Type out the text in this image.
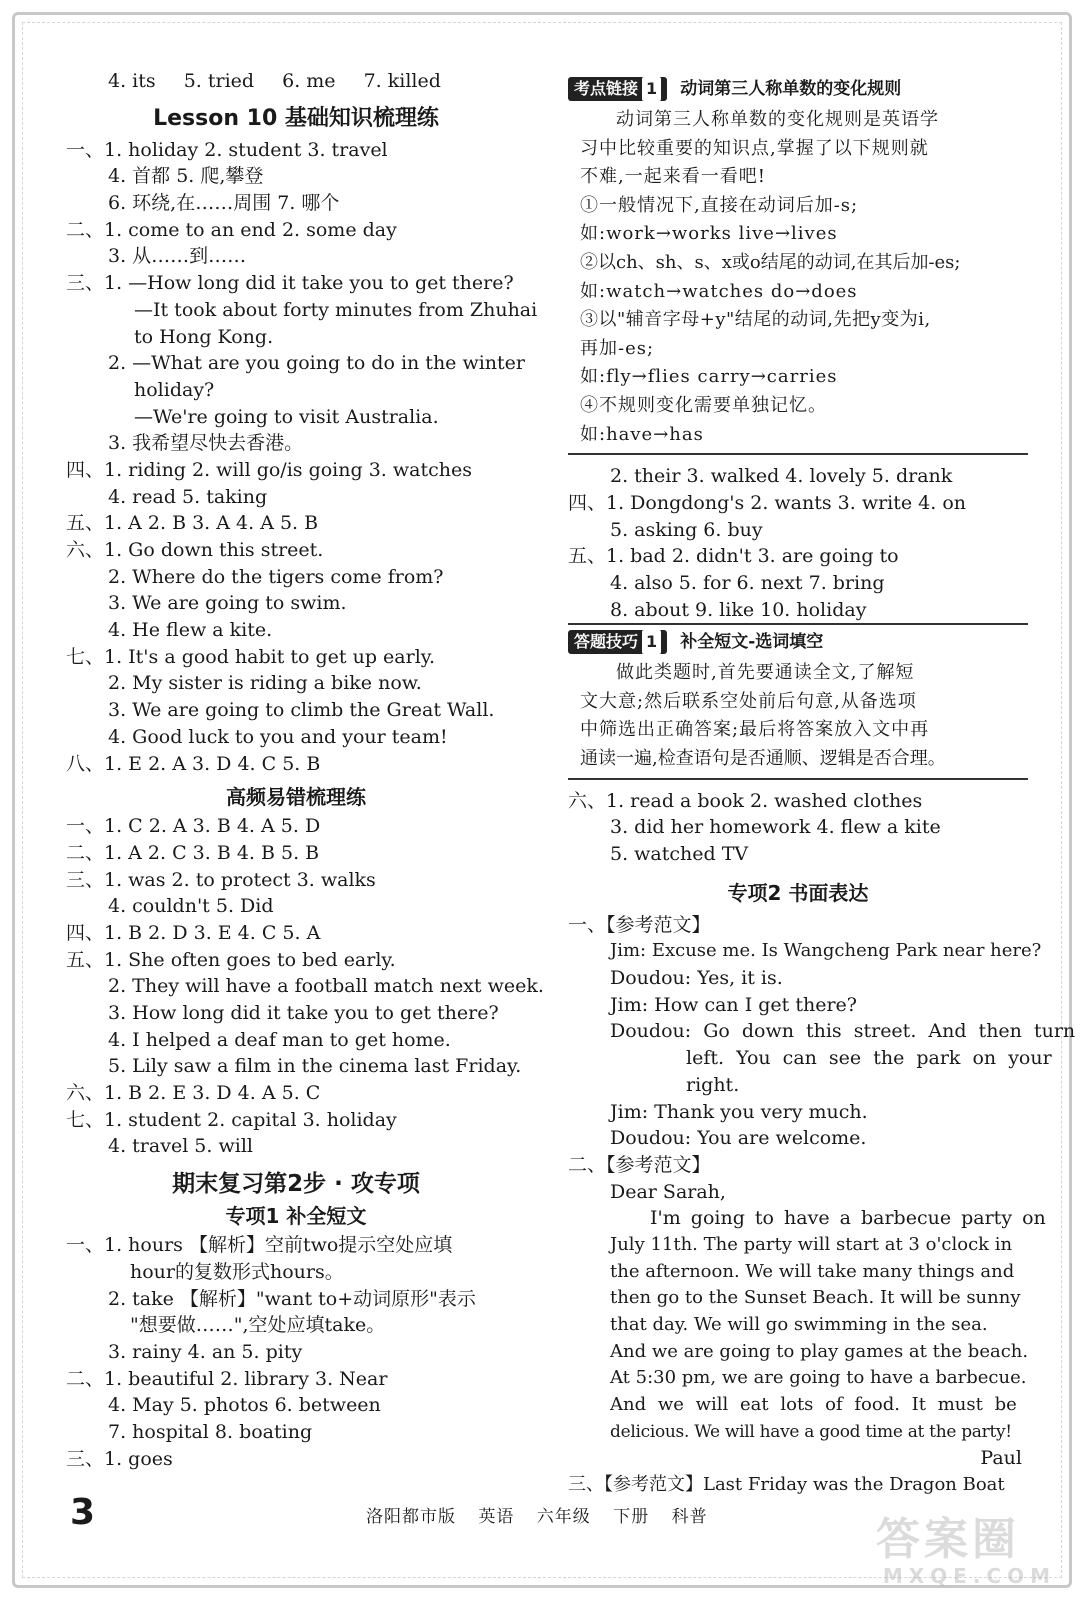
4. its 5. tried 6. me 7. killed
Lesson 10 基础知识梳理练
一、1. holiday 2. student 3. travel
4. 首都 5. 爬,攀登
6. 环绕,在……周围 7. 哪个
二、1. come to an end 2. some day
3. 从……到……
三、1. —How long did it take you to get there?
—It took about forty minutes from Zhuhai
to Hong Kong.
2. —What are you going to do in the winter
holiday?
—We're going to visit Australia.
3. 我希望尽快去香港。
四、1. riding 2. will go/is going 3. watches
4. read 5. taking
五、1. A 2. B 3. A 4. A 5. B
六、1. Go down this street.
2. Where do the tigers come from?
3. We are going to swim.
4. He flew a kite.
七、1. It's a good habit to get up early.
2. My sister is riding a bike now.
3. We are going to climb the Great Wall.
4. Good luck to you and your team!
八、1. E 2. A 3. D 4. C 5. B
高频易错梳理练
一、1. C 2. A 3. B 4. A 5. D
二、1. A 2. C 3. B 4. B 5. B
三、1. was 2. to protect 3. walks
4. couldn't 5. Did
四、1. B 2. D 3. E 4. C 5. A
五、1. She often goes to bed early.
2. They will have a football match next week.
3. How long did it take you to get there?
4. I helped a deaf man to get home.
5. Lily saw a film in the cinema last Friday.
六、1. B 2. E 3. D 4. A 5. C
七、1. student 2. capital 3. holiday
4. travel 5. will
期末复习第2步 · 攻专项
专项1 补全短文
一、1. hours 【解析】空前two提示空处应填
hour的复数形式hours。
2. take 【解析】"want to+动词原形"表示
"想要做……",空处应填take。
3. rainy 4. an 5. pity
二、1. beautiful 2. library 3. Near
4. May 5. photos 6. between
7. hospital 8. boating
三、1. goes
考点链接 1 动词第三人称单数的变化规则

动词第三人称单数的变化规则是英语学

习中比较重要的知识点,掌握了以下规则就

不难,一起来看一看吧!

①一般情况下,直接在动词后加-s;

如:work→works live→lives

②以ch、sh、s、x或o结尾的动词,在其后加-es;

如:watch→watches do→does

③以"辅音字母+y"结尾的动词,先把y变为i,

再加-es;

如:fly→flies carry→carries

④不规则变化需要单独记忆。

如:have→has

2. their 3. walked 4. lovely 5. drank
四、1. Dongdong's 2. wants 3. write 4. on
5. asking 6. buy
五、1. bad 2. didn't 3. are going to
4. also 5. for 6. next 7. bring
8. about 9. like 10. holiday
答题技巧 1 补全短文-选词填空

做此类题时,首先要通读全文,了解短

文大意;然后联系空处前后句意,从备选项

中筛选出正确答案;最后将答案放入文中再

通读一遍,检查语句是否通顺、逻辑是否合理。

六、1. read a book 2. washed clothes
3. did her homework 4. flew a kite
5. watched TV
专项2 书面表达
一、【参考范文】
Jim: Excuse me. Is Wangcheng Park near here?
Doudou: Yes, it is.
Jim: How can I get there?
Doudou: Go down this street. And then turn
left. You can see the park on your
right.
Jim: Thank you very much.
Doudou: You are welcome.
二、【参考范文】
Dear Sarah,
I'm going to have a barbecue party on
July 11th. The party will start at 3 o'clock in
the afternoon. We will take many things and
then go to the Sunset Beach. It will be sunny
that day. We will go swimming in the sea.
And we are going to play games at the beach.
At 5:30 pm, we are going to have a barbecue.
And we will eat lots of food. It must be
delicious. We will have a good time at the party!
Paul
三、【参考范文】Last Friday was the Dragon Boat
3	洛阳都市版 英语 六年级 下册 科普	答案圈
MXQE.COM
